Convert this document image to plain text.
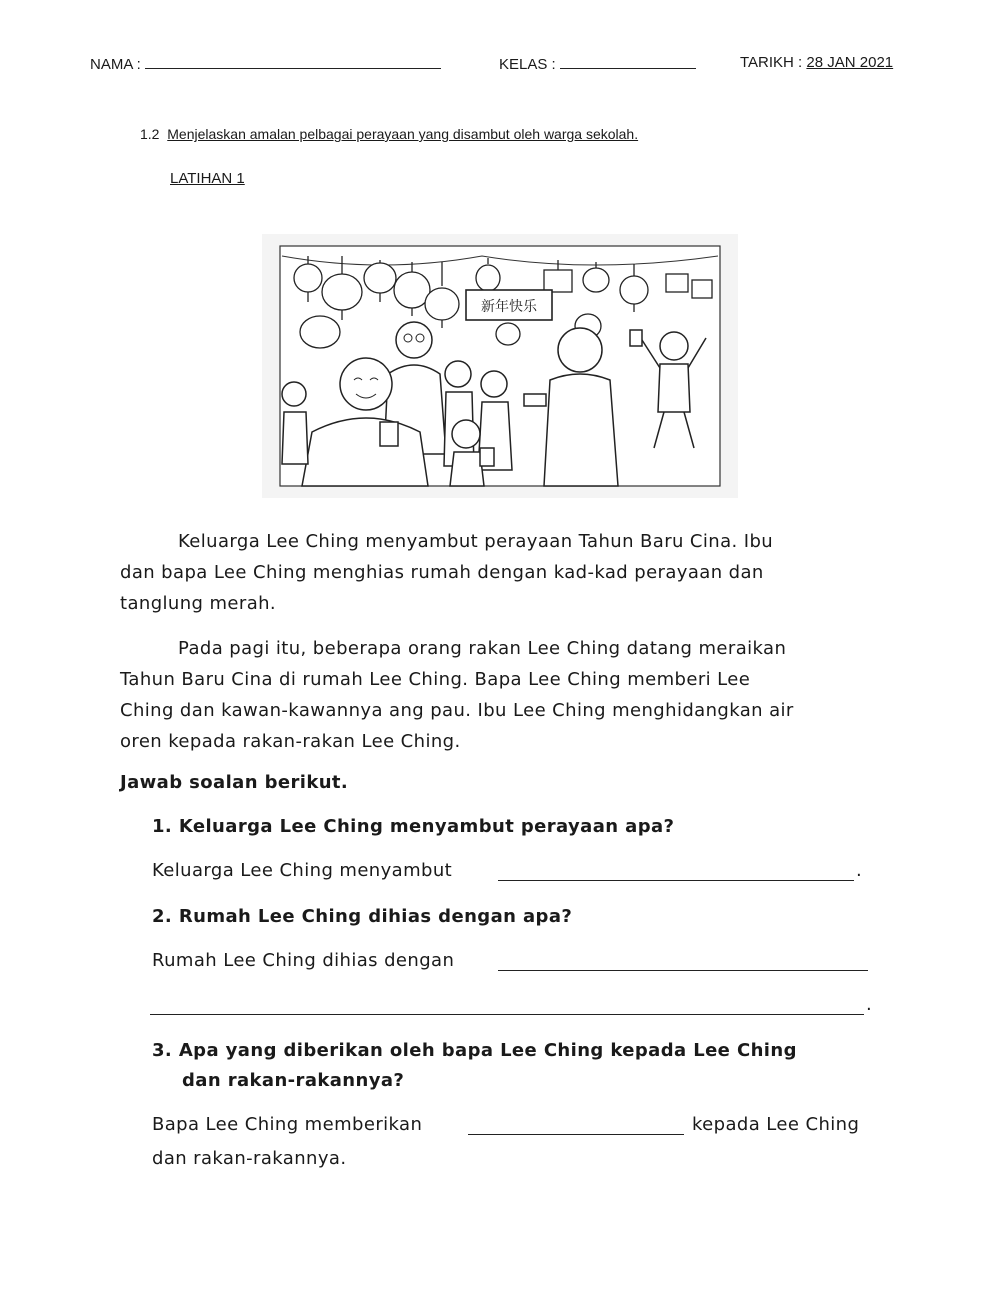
NAMA :	KELAS :	TARIKH : 28 JAN 2021
1.2 Menjelaskan amalan pelbagai perayaan yang disambut oleh warga sekolah.
LATIHAN 1
新年快乐
Keluarga Lee Ching menyambut perayaan Tahun Baru Cina. Ibu
dan bapa Lee Ching menghias rumah dengan kad-kad perayaan dan
tanglung merah.
Pada pagi itu, beberapa orang rakan Lee Ching datang meraikan
Tahun Baru Cina di rumah Lee Ching. Bapa Lee Ching memberi Lee
Ching dan kawan-kawannya ang pau. Ibu Lee Ching menghidangkan air
oren kepada rakan-rakan Lee Ching.
Jawab soalan berikut.
1. Keluarga Lee Ching menyambut perayaan apa?
Keluarga Lee Ching menyambut	.
2. Rumah Lee Ching dihias dengan apa?
Rumah Lee Ching dihias dengan
.
3. Apa yang diberikan oleh bapa Lee Ching kepada Lee Ching
dan rakan-rakannya?
Bapa Lee Ching memberikan	kepada Lee Ching
dan rakan-rakannya.
